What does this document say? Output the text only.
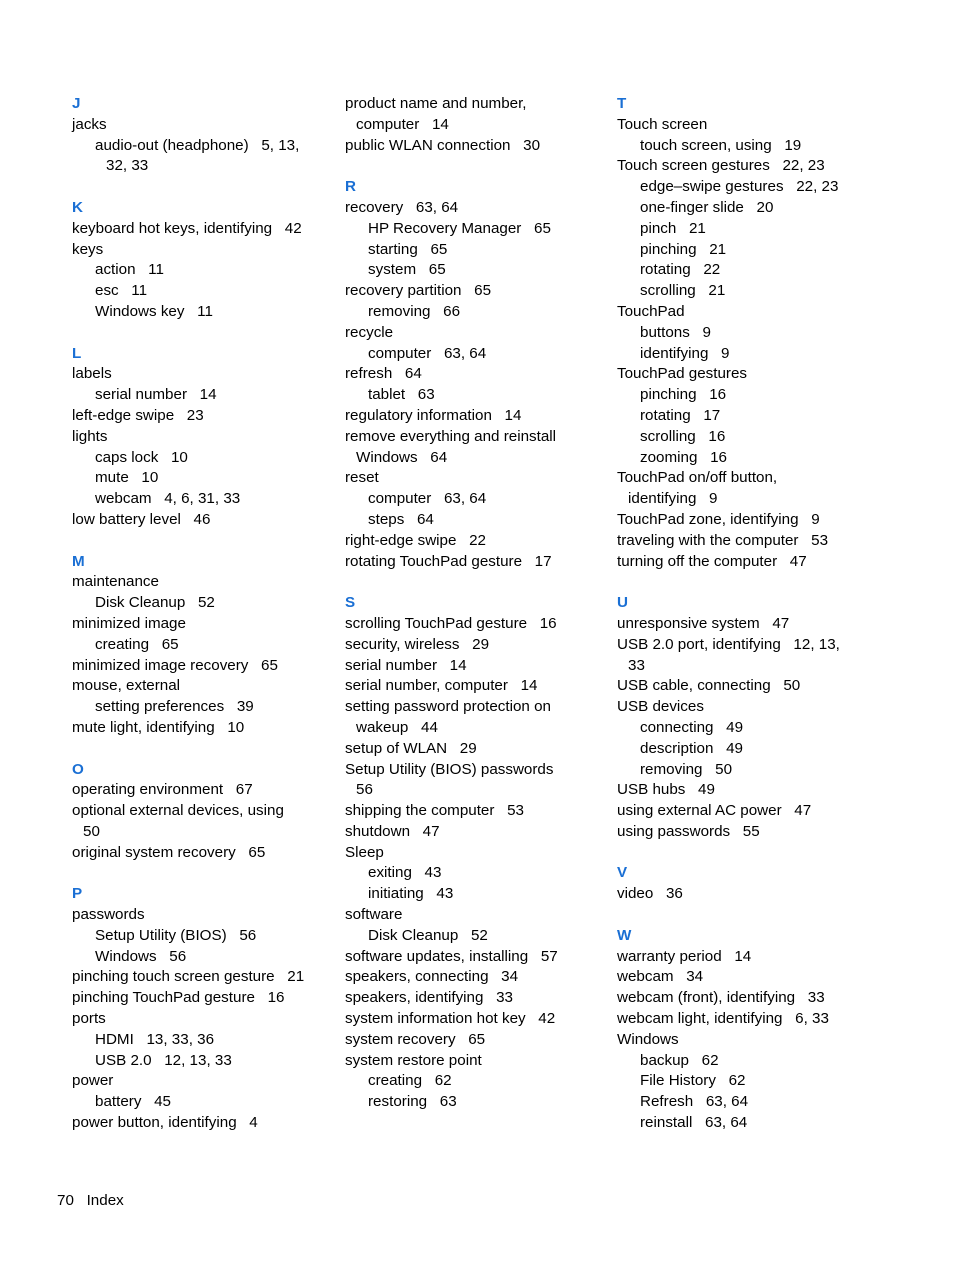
J
jacks
audio-out (headphone)   5, 13,
32, 33
K
keyboard hot keys, identifying   42
keys
action   11
esc   11
Windows key   11
L
labels
serial number   14
left-edge swipe   23
lights
caps lock   10
mute   10
webcam   4, 6, 31, 33
low battery level   46
M
maintenance
Disk Cleanup   52
minimized image
creating   65
minimized image recovery   65
mouse, external
setting preferences   39
mute light, identifying   10
O
operating environment   67
optional external devices, using
50
original system recovery   65
P
passwords
Setup Utility (BIOS)   56
Windows   56
pinching touch screen gesture   21
pinching TouchPad gesture   16
ports
HDMI   13, 33, 36
USB 2.0   12, 13, 33
power
battery   45
power button, identifying   4
product name and number,
computer   14
public WLAN connection   30
R
recovery   63, 64
HP Recovery Manager   65
starting   65
system   65
recovery partition   65
removing   66
recycle
computer   63, 64
refresh   64
tablet   63
regulatory information   14
remove everything and reinstall
Windows   64
reset
computer   63, 64
steps   64
right-edge swipe   22
rotating TouchPad gesture   17
S
scrolling TouchPad gesture   16
security, wireless   29
serial number   14
serial number, computer   14
setting password protection on
wakeup   44
setup of WLAN   29
Setup Utility (BIOS) passwords
56
shipping the computer   53
shutdown   47
Sleep
exiting   43
initiating   43
software
Disk Cleanup   52
software updates, installing   57
speakers, connecting   34
speakers, identifying   33
system information hot key   42
system recovery   65
system restore point
creating   62
restoring   63
T
Touch screen
touch screen, using   19
Touch screen gestures   22, 23
edge–swipe gestures   22, 23
one-finger slide   20
pinch   21
pinching   21
rotating   22
scrolling   21
TouchPad
buttons   9
identifying   9
TouchPad gestures
pinching   16
rotating   17
scrolling   16
zooming   16
TouchPad on/off button,
identifying   9
TouchPad zone, identifying   9
traveling with the computer   53
turning off the computer   47
U
unresponsive system   47
USB 2.0 port, identifying   12, 13,
33
USB cable, connecting   50
USB devices
connecting   49
description   49
removing   50
USB hubs   49
using external AC power   47
using passwords   55
V
video   36
W
warranty period   14
webcam   34
webcam (front), identifying   33
webcam light, identifying   6, 33
Windows
backup   62
File History   62
Refresh   63, 64
reinstall   63, 64
70 Index
